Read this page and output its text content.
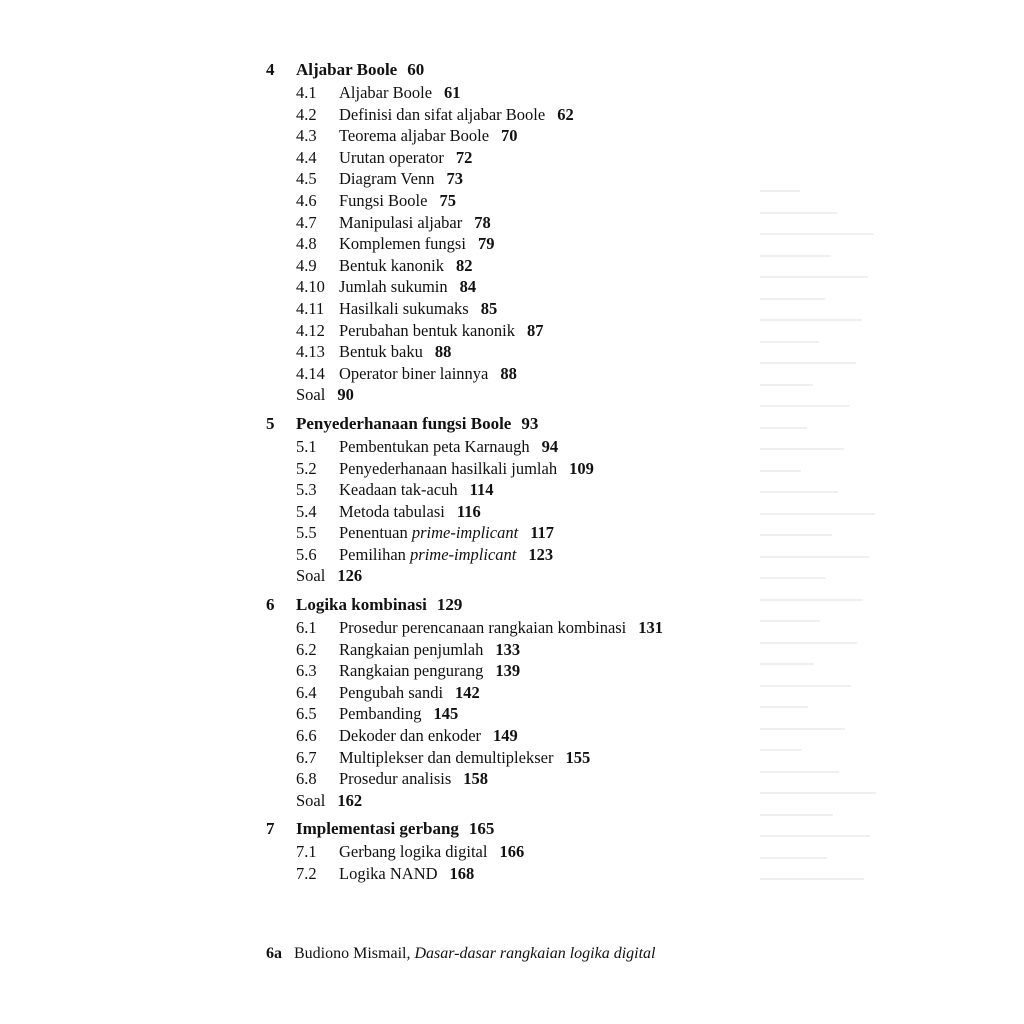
4 Aljabar Boole 60
4.1 Aljabar Boole 61
4.2 Definisi dan sifat aljabar Boole 62
4.3 Teorema aljabar Boole 70
4.4 Urutan operator 72
4.5 Diagram Venn 73
4.6 Fungsi Boole 75
4.7 Manipulasi aljabar 78
4.8 Komplemen fungsi 79
4.9 Bentuk kanonik 82
4.10 Jumlah sukumin 84
4.11 Hasilkali sukumaks 85
4.12 Perubahan bentuk kanonik 87
4.13 Bentuk baku 88
4.14 Operator biner lainnya 88
Soal 90
5 Penyederhanaan fungsi Boole 93
5.1 Pembentukan peta Karnaugh 94
5.2 Penyederhanaan hasilkali jumlah 109
5.3 Keadaan tak-acuh 114
5.4 Metoda tabulasi 116
5.5 Penentuan prime-implicant 117
5.6 Pemilihan prime-implicant 123
Soal 126
6 Logika kombinasi 129
6.1 Prosedur perencanaan rangkaian kombinasi 131
6.2 Rangkaian penjumlah 133
6.3 Rangkaian pengurang 139
6.4 Pengubah sandi 142
6.5 Pembanding 145
6.6 Dekoder dan enkoder 149
6.7 Multiplekser dan demultiplekser 155
6.8 Prosedur analisis 158
Soal 162
7 Implementasi gerbang 165
7.1 Gerbang logika digital 166
7.2 Logika NAND 168
6a Budiono Mismail, Dasar-dasar rangkaian logika digital
